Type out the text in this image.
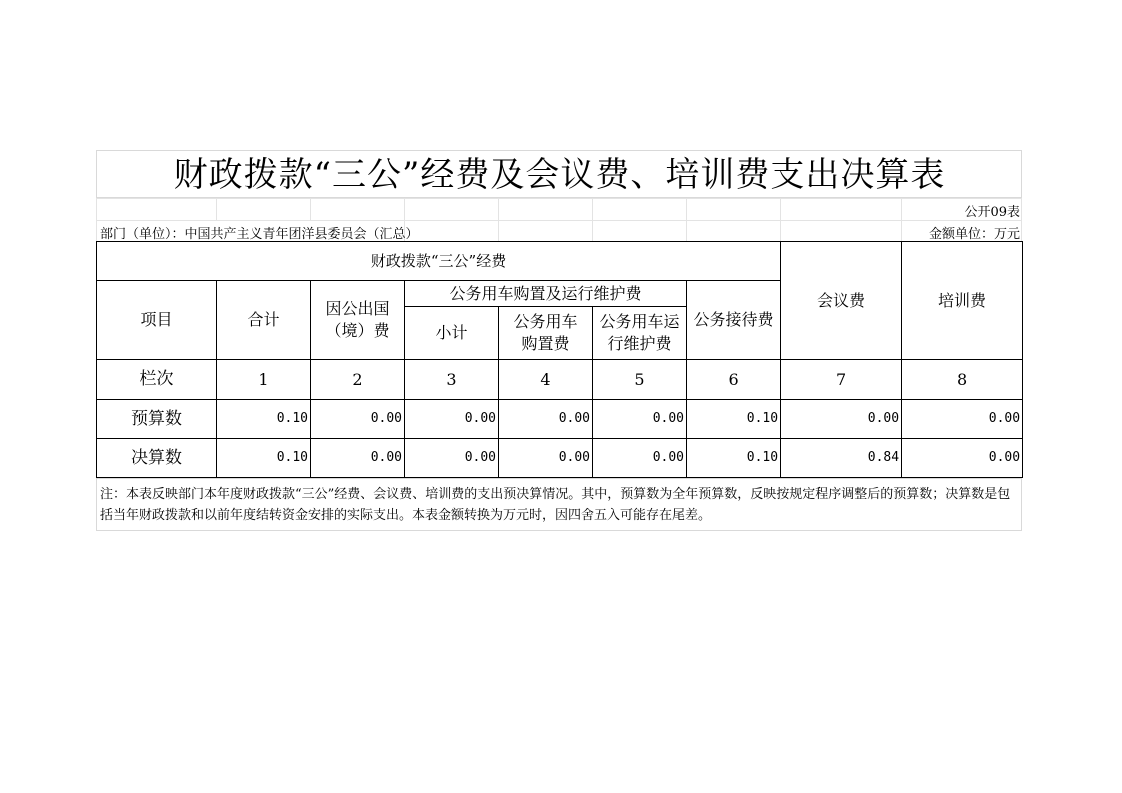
财政拨款“三公”经费及会议费、培训费支出决算表
公开09表
部门（单位）：中国共产主义青年团洋县委员会（汇总）	金额单位：万元
财政拨款“三公”经费							会议费	培训费
项目	合计	因公出国（境）费	公务用车购置及运行维护费			公务接待费		
			小计	公务用车购置费	公务用车运行维护费			
栏次	1	2	3	4	5	6	7	8
预算数	0.10	0.00	0.00	0.00	0.00	0.10	0.00	0.00
决算数	0.10	0.00	0.00	0.00	0.00	0.10	0.84	0.00
注：本表反映部门本年度财政拨款“三公”经费、会议费、培训费的支出预决算情况。其中，预算数为全年预算数，反映按规定程序调整后的预算数；决算数是包括当年财政拨款和以前年度结转资金安排的实际支出。本表金额转换为万元时，因四舍五入可能存在尾差。
